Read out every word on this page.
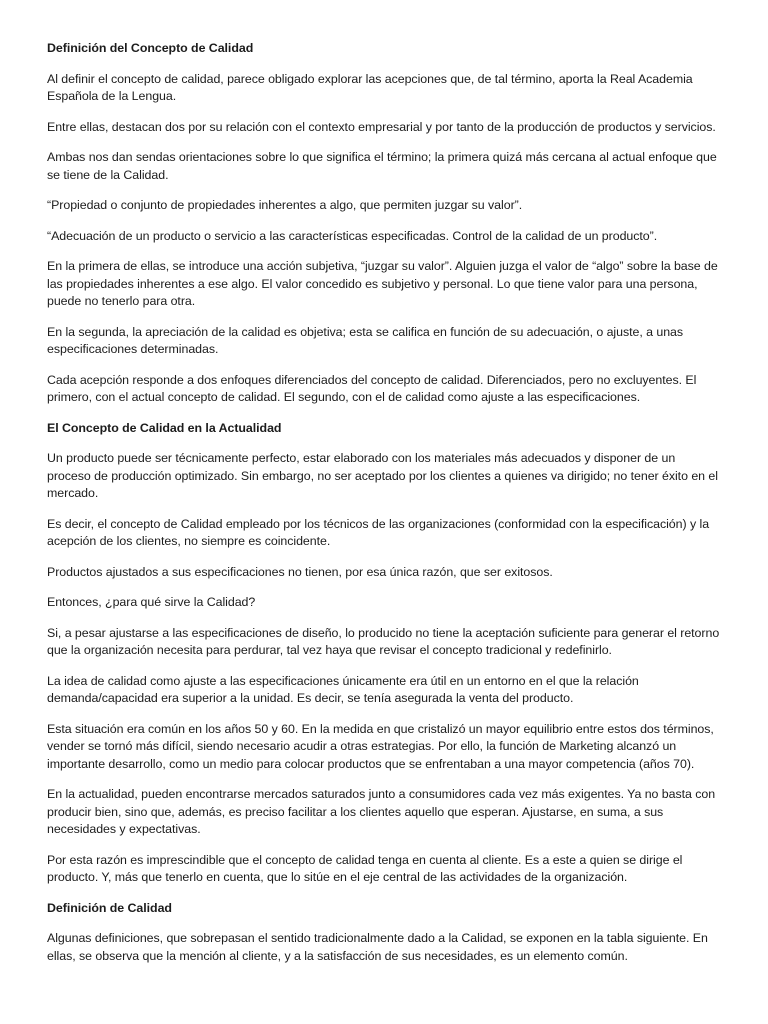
Definición del Concepto de Calidad

Al definir el concepto de calidad, parece obligado explorar las acepciones que, de tal término, aporta la Real Academia Española de la Lengua.

Entre ellas, destacan dos por su relación con el contexto empresarial y por tanto de la producción de productos y servicios.

Ambas nos dan sendas orientaciones sobre lo que significa el término; la primera quizá más cercana al actual enfoque que se tiene de la Calidad.

“Propiedad o conjunto de propiedades inherentes a algo, que permiten juzgar su valor”.

“Adecuación de un producto o servicio a las características especificadas. Control de la calidad de un producto”.

En la primera de ellas, se introduce una acción subjetiva, “juzgar su valor”. Alguien juzga el valor de “algo” sobre la base de las propiedades inherentes a ese algo. El valor concedido es subjetivo y personal. Lo que tiene valor para una persona, puede no tenerlo para otra.

En la segunda, la apreciación de la calidad es objetiva; esta se califica en función de su adecuación, o ajuste, a unas especificaciones determinadas.

Cada acepción responde a dos enfoques diferenciados del concepto de calidad. Diferenciados, pero no excluyentes. El primero, con el actual concepto de calidad. El segundo, con el de calidad como ajuste a las especificaciones.

El Concepto de Calidad en la Actualidad

Un producto puede ser técnicamente perfecto, estar elaborado con los materiales más adecuados y disponer de un proceso de producción optimizado. Sin embargo, no ser aceptado por los clientes a quienes va dirigido; no tener éxito en el mercado.

Es decir, el concepto de Calidad empleado por los técnicos de las organizaciones (conformidad con la especificación) y la acepción de los clientes, no siempre es coincidente.

Productos ajustados a sus especificaciones no tienen, por esa única razón, que ser exitosos.

Entonces, ¿para qué sirve la Calidad?

Si, a pesar ajustarse a las especificaciones de diseño, lo producido no tiene la aceptación suficiente para generar el retorno que la organización necesita para perdurar, tal vez haya que revisar el concepto tradicional y redefinirlo.

La idea de calidad como ajuste a las especificaciones únicamente era útil en un entorno en el que la relación demanda/capacidad era superior a la unidad. Es decir, se tenía asegurada la venta del producto.

Esta situación era común en los años 50 y 60. En la medida en que cristalizó un mayor equilibrio entre estos dos términos, vender se tornó más difícil, siendo necesario acudir a otras estrategias. Por ello, la función de Marketing alcanzó un importante desarrollo, como un medio para colocar productos que se enfrentaban a una mayor competencia (años 70).

En la actualidad, pueden encontrarse mercados saturados junto a consumidores cada vez más exigentes. Ya no basta con producir bien, sino que, además, es preciso facilitar a los clientes aquello que esperan. Ajustarse, en suma, a sus necesidades y expectativas.

Por esta razón es imprescindible que el concepto de calidad tenga en cuenta al cliente. Es a este a quien se dirige el producto. Y, más que tenerlo en cuenta, que lo sitúe en el eje central de las actividades de la organización.

Definición de Calidad

Algunas definiciones, que sobrepasan el sentido tradicionalmente dado a la Calidad, se exponen en la tabla siguiente. En ellas, se observa que la mención al cliente, y a la satisfacción de sus necesidades, es un elemento común.
